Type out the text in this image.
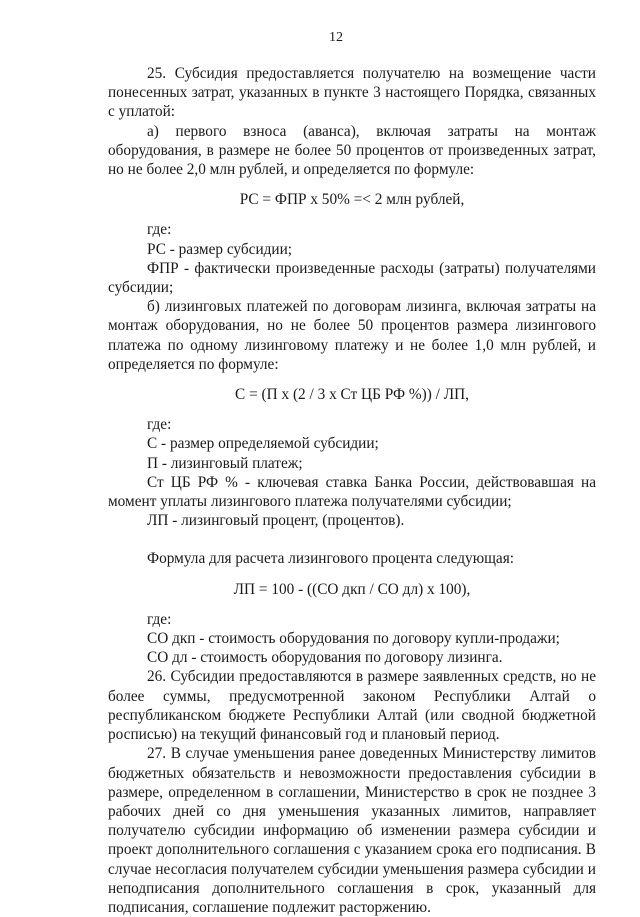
12

25. Субсидия предоставляется получателю на возмещение части понесенных затрат, указанных в пункте 3 настоящего Порядка, связанных с уплатой:

а) первого взноса (аванса), включая затраты на монтаж оборудования, в размере не более 50 процентов от произведенных затрат, но не более 2,0 млн рублей, и определяется по формуле:

РС = ФПР х 50% =< 2 млн рублей,

где:

РС - размер субсидии;

ФПР - фактически произведенные расходы (затраты) получателями субсидии;

б) лизинговых платежей по договорам лизинга, включая затраты на монтаж оборудования, но не более 50 процентов размера лизингового платежа по одному лизинговому платежу и не более 1,0 млн рублей, и определяется по формуле:

С = (П х (2 / 3 х Ст ЦБ РФ %)) / ЛП,

где:

С - размер определяемой субсидии;

П - лизинговый платеж;

Ст ЦБ РФ % - ключевая ставка Банка России, действовавшая на момент уплаты лизингового платежа получателями субсидии;

ЛП - лизинговый процент, (процентов).

Формула для расчета лизингового процента следующая:

ЛП = 100 - ((СО дкп / СО дл) х 100),

где:

СО дкп - стоимость оборудования по договору купли-продажи;

СО дл - стоимость оборудования по договору лизинга.

26. Субсидии предоставляются в размере заявленных средств, но не более суммы, предусмотренной законом Республики Алтай о республиканском бюджете Республики Алтай (или сводной бюджетной росписью) на текущий финансовый год и плановый период.

27. В случае уменьшения ранее доведенных Министерству лимитов бюджетных обязательств и невозможности предоставления субсидии в размере, определенном в соглашении, Министерство в срок не позднее 3 рабочих дней со дня уменьшения указанных лимитов, направляет получателю субсидии информацию об изменении размера субсидии и проект дополнительного соглашения с указанием срока его подписания. В случае несогласия получателем субсидии уменьшения размера субсидии и неподписания дополнительного соглашения в срок, указанный для подписания, соглашение подлежит расторжению.
